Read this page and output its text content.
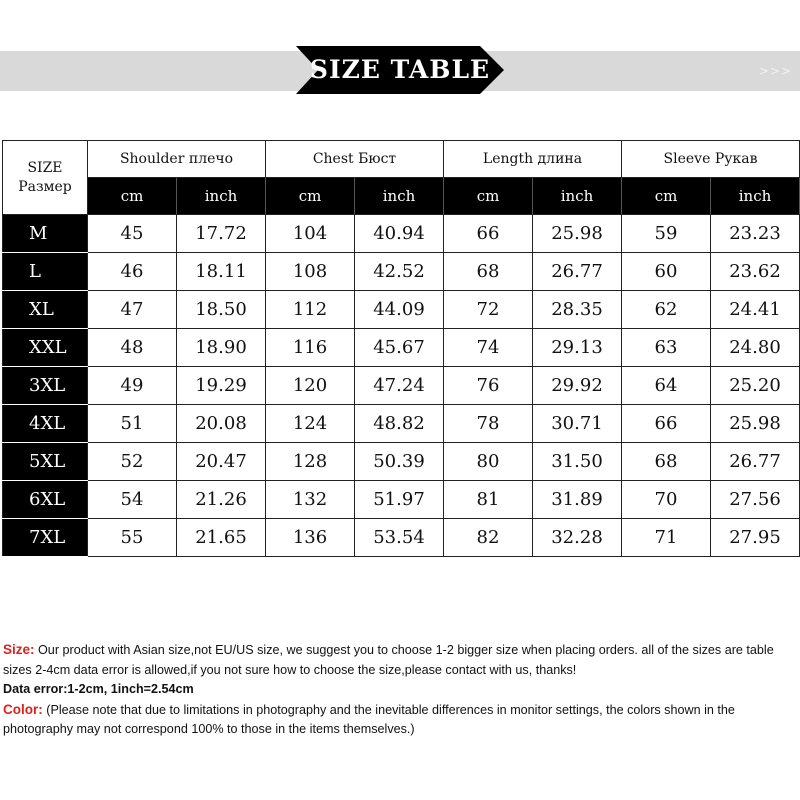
>>>
SIZE TABLE
SIZE
Размер	Shoulder плечо		Chest Бюст		Length длина		Sleeve Рукав	
	cm	inch	cm	inch	cm	inch	cm	inch
M	45	17.72	104	40.94	66	25.98	59	23.23
L	46	18.11	108	42.52	68	26.77	60	23.62
XL	47	18.50	112	44.09	72	28.35	62	24.41
XXL	48	18.90	116	45.67	74	29.13	63	24.80
3XL	49	19.29	120	47.24	76	29.92	64	25.20
4XL	51	20.08	124	48.82	78	30.71	66	25.98
5XL	52	20.47	128	50.39	80	31.50	68	26.77
6XL	54	21.26	132	51.97	81	31.89	70	27.56
7XL	55	21.65	136	53.54	82	32.28	71	27.95

Size: Our product with Asian size,not EU/US size, we suggest you to choose 1-2 bigger size when placing orders. all of the sizes are table sizes 2-4cm data error is allowed,if you not sure how to choose the size,please contact with us, thanks!

Data error:1-2cm, 1inch=2.54cm

Color: (Please note that due to limitations in photography and the inevitable differences in monitor settings, the colors shown in the photography may not correspond 100% to those in the items themselves.)
